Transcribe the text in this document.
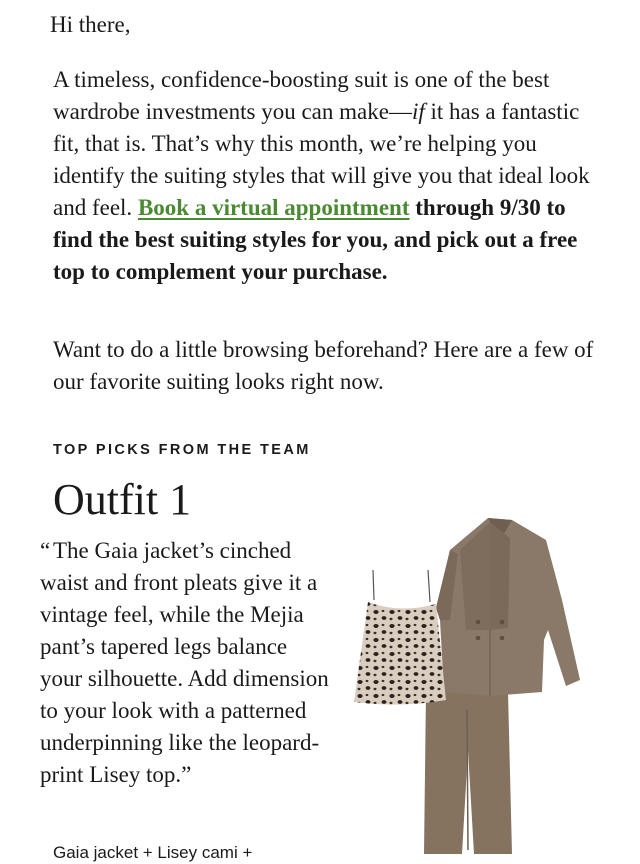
Hi there,

A timeless, confidence-boosting suit is one of the best wardrobe investments you can make—if it has a fantastic fit, that is. That’s why this month, we’re helping you identify the suiting styles that will give you that ideal look and feel. Book a virtual appointment through 9/30 to find the best suiting styles for you, and pick out a free top to complement your purchase.

Want to do a little browsing beforehand? Here are a few of our favorite suiting looks right now.

TOP PICKS FROM THE TEAM
Outfit 1

“ The Gaia jacket’s cinched waist and front pleats give it a vintage feel, while the Mejia pant’s tapered legs balance your silhouette. Add dimension to your look with a patterned underpinning like the leopard-print Lisey top.”

Gaia jacket + Lisey cami +
